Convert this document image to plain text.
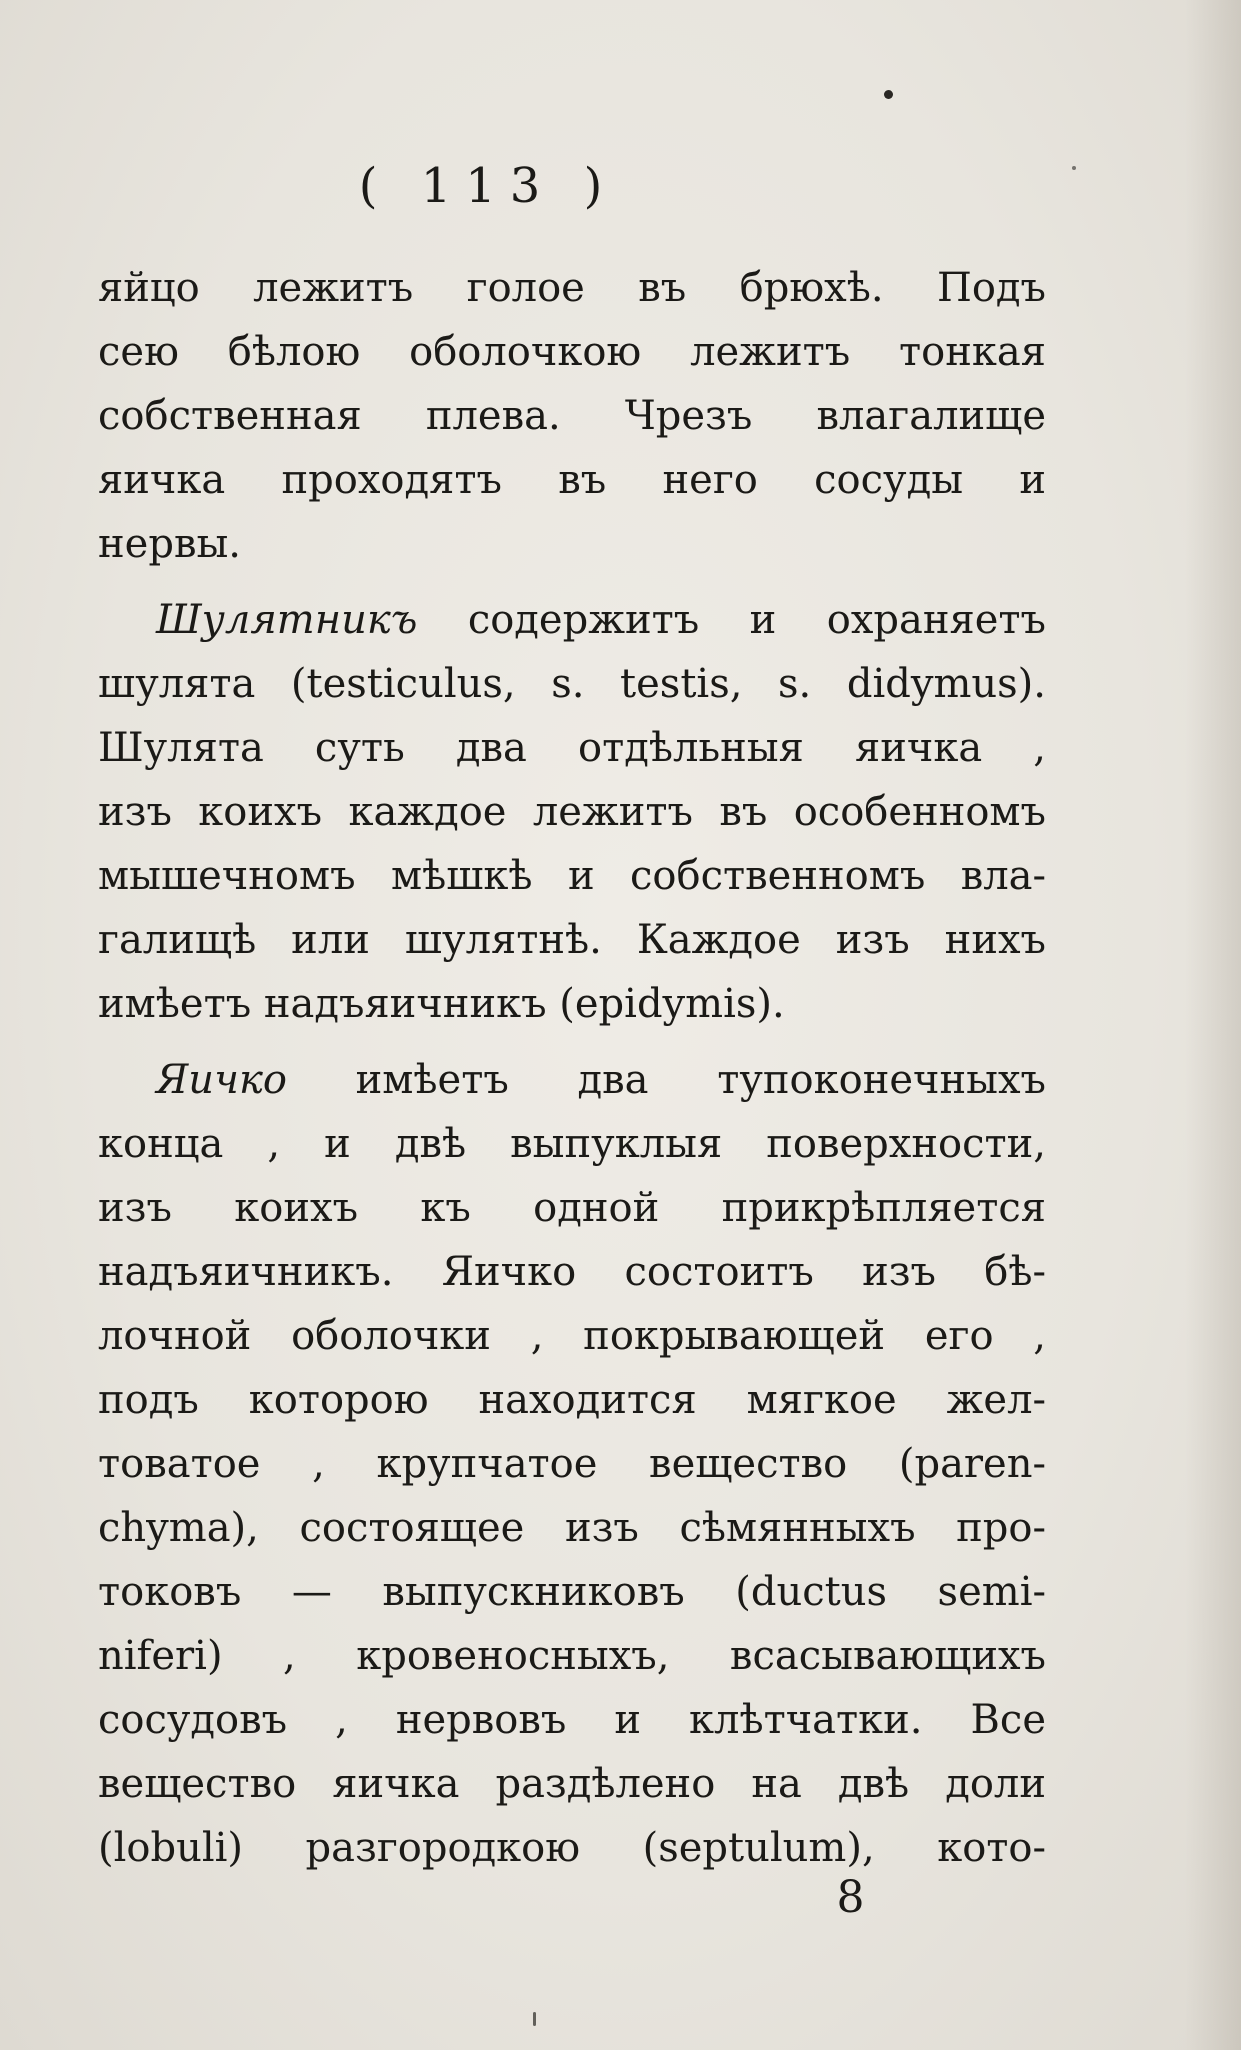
( 113 )
яйцо лежитъ голое въ брюхѣ. Подъ
сею бѣлою оболочкою лежитъ тонкая
собственная плева. Чрезъ влагалище
яичка проходятъ въ него сосуды и
нервы.
Шулятникъ содержитъ и охраняетъ
шулята (testiculus, s. testis, s. didymus).
Шулята суть два отдѣльныя яичка ,
изъ коихъ каждое лежитъ въ особенномъ
мышечномъ мѣшкѣ и собственномъ вла-
галищѣ или шулятнѣ. Каждое изъ нихъ
имѣетъ надъяичникъ (epidymis).
Яичко имѣетъ два тупоконечныхъ
конца , и двѣ выпуклыя поверхности,
изъ коихъ къ одной прикрѣпляется
надъяичникъ. Яичко состоитъ изъ бѣ-
лочной оболочки , покрывающей его ,
подъ которою находится мягкое жел-
товатое , крупчатое вещество (paren-
chyma), состоящее изъ сѣмянныхъ про-
токовъ — выпускниковъ (ductus semi-
niferi) , кровеносныхъ, всасывающихъ
сосудовъ , нервовъ и клѣтчатки. Все
вещество яичка раздѣлено на двѣ доли
(lobuli) разгородкою (septulum), кото-
8
